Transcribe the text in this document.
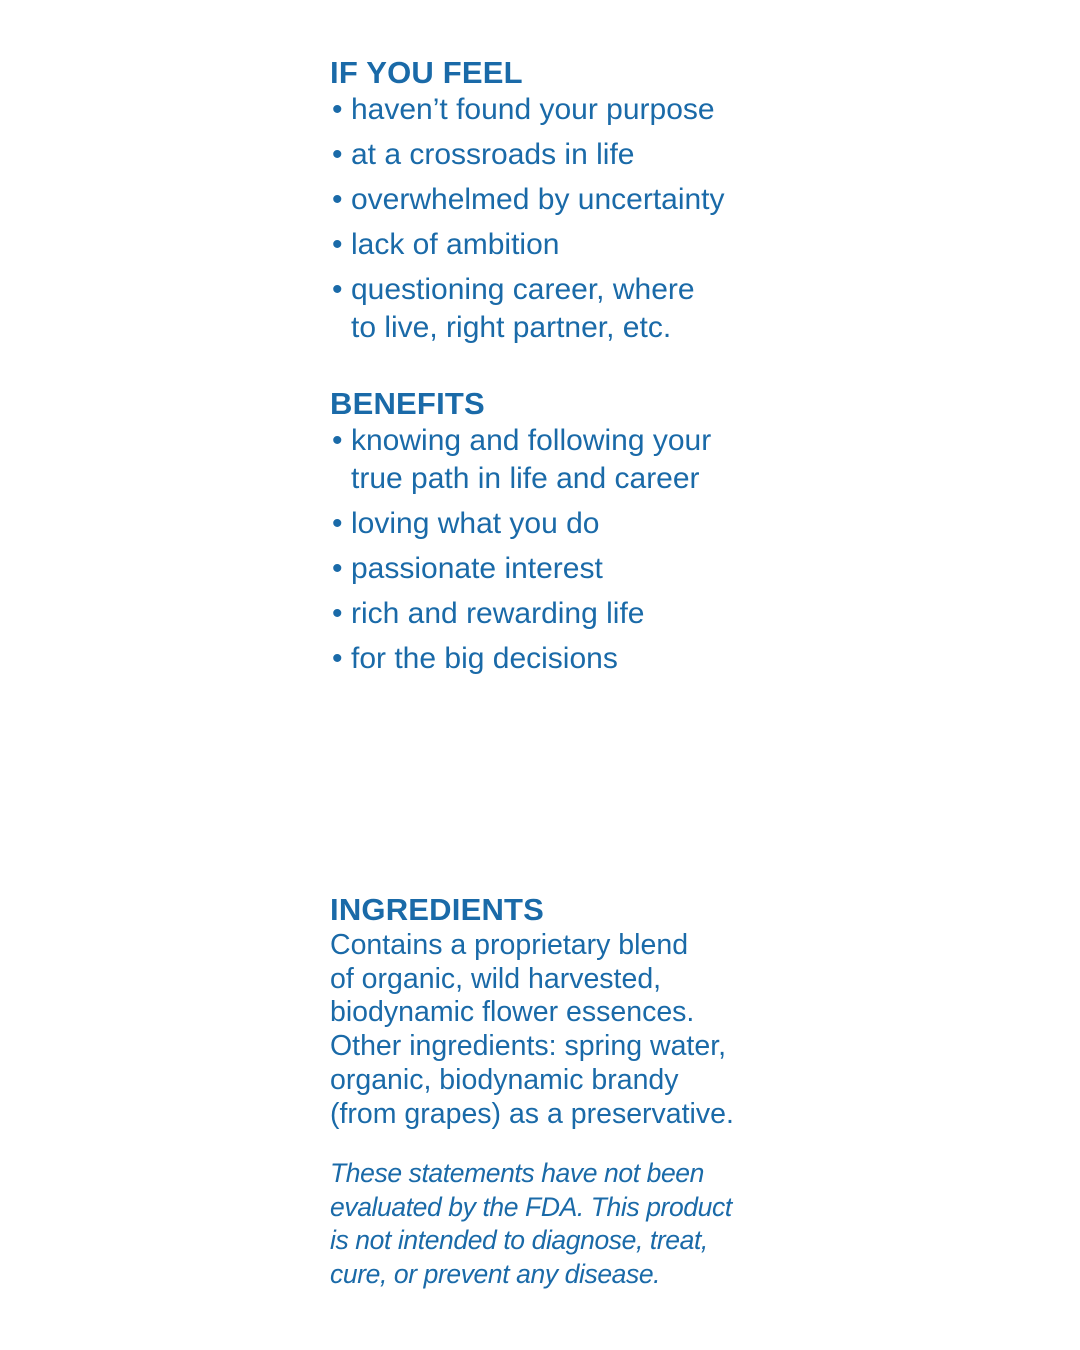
IF YOU FEEL
• haven’t found your purpose
• at a crossroads in life
• overwhelmed by uncertainty
• lack of ambition
• questioning career, where
to live, right partner, etc.
BENEFITS
• knowing and following your
true path in life and career
• loving what you do
• passionate interest
• rich and rewarding life
• for the big decisions
INGREDIENTS

Contains a proprietary blend
of organic, wild harvested,
biodynamic flower essences.
Other ingredients: spring water,
organic, biodynamic brandy
(from grapes) as a preservative.

These statements have not been
evaluated by the FDA. This product
is not intended to diagnose, treat,
cure, or prevent any disease.
